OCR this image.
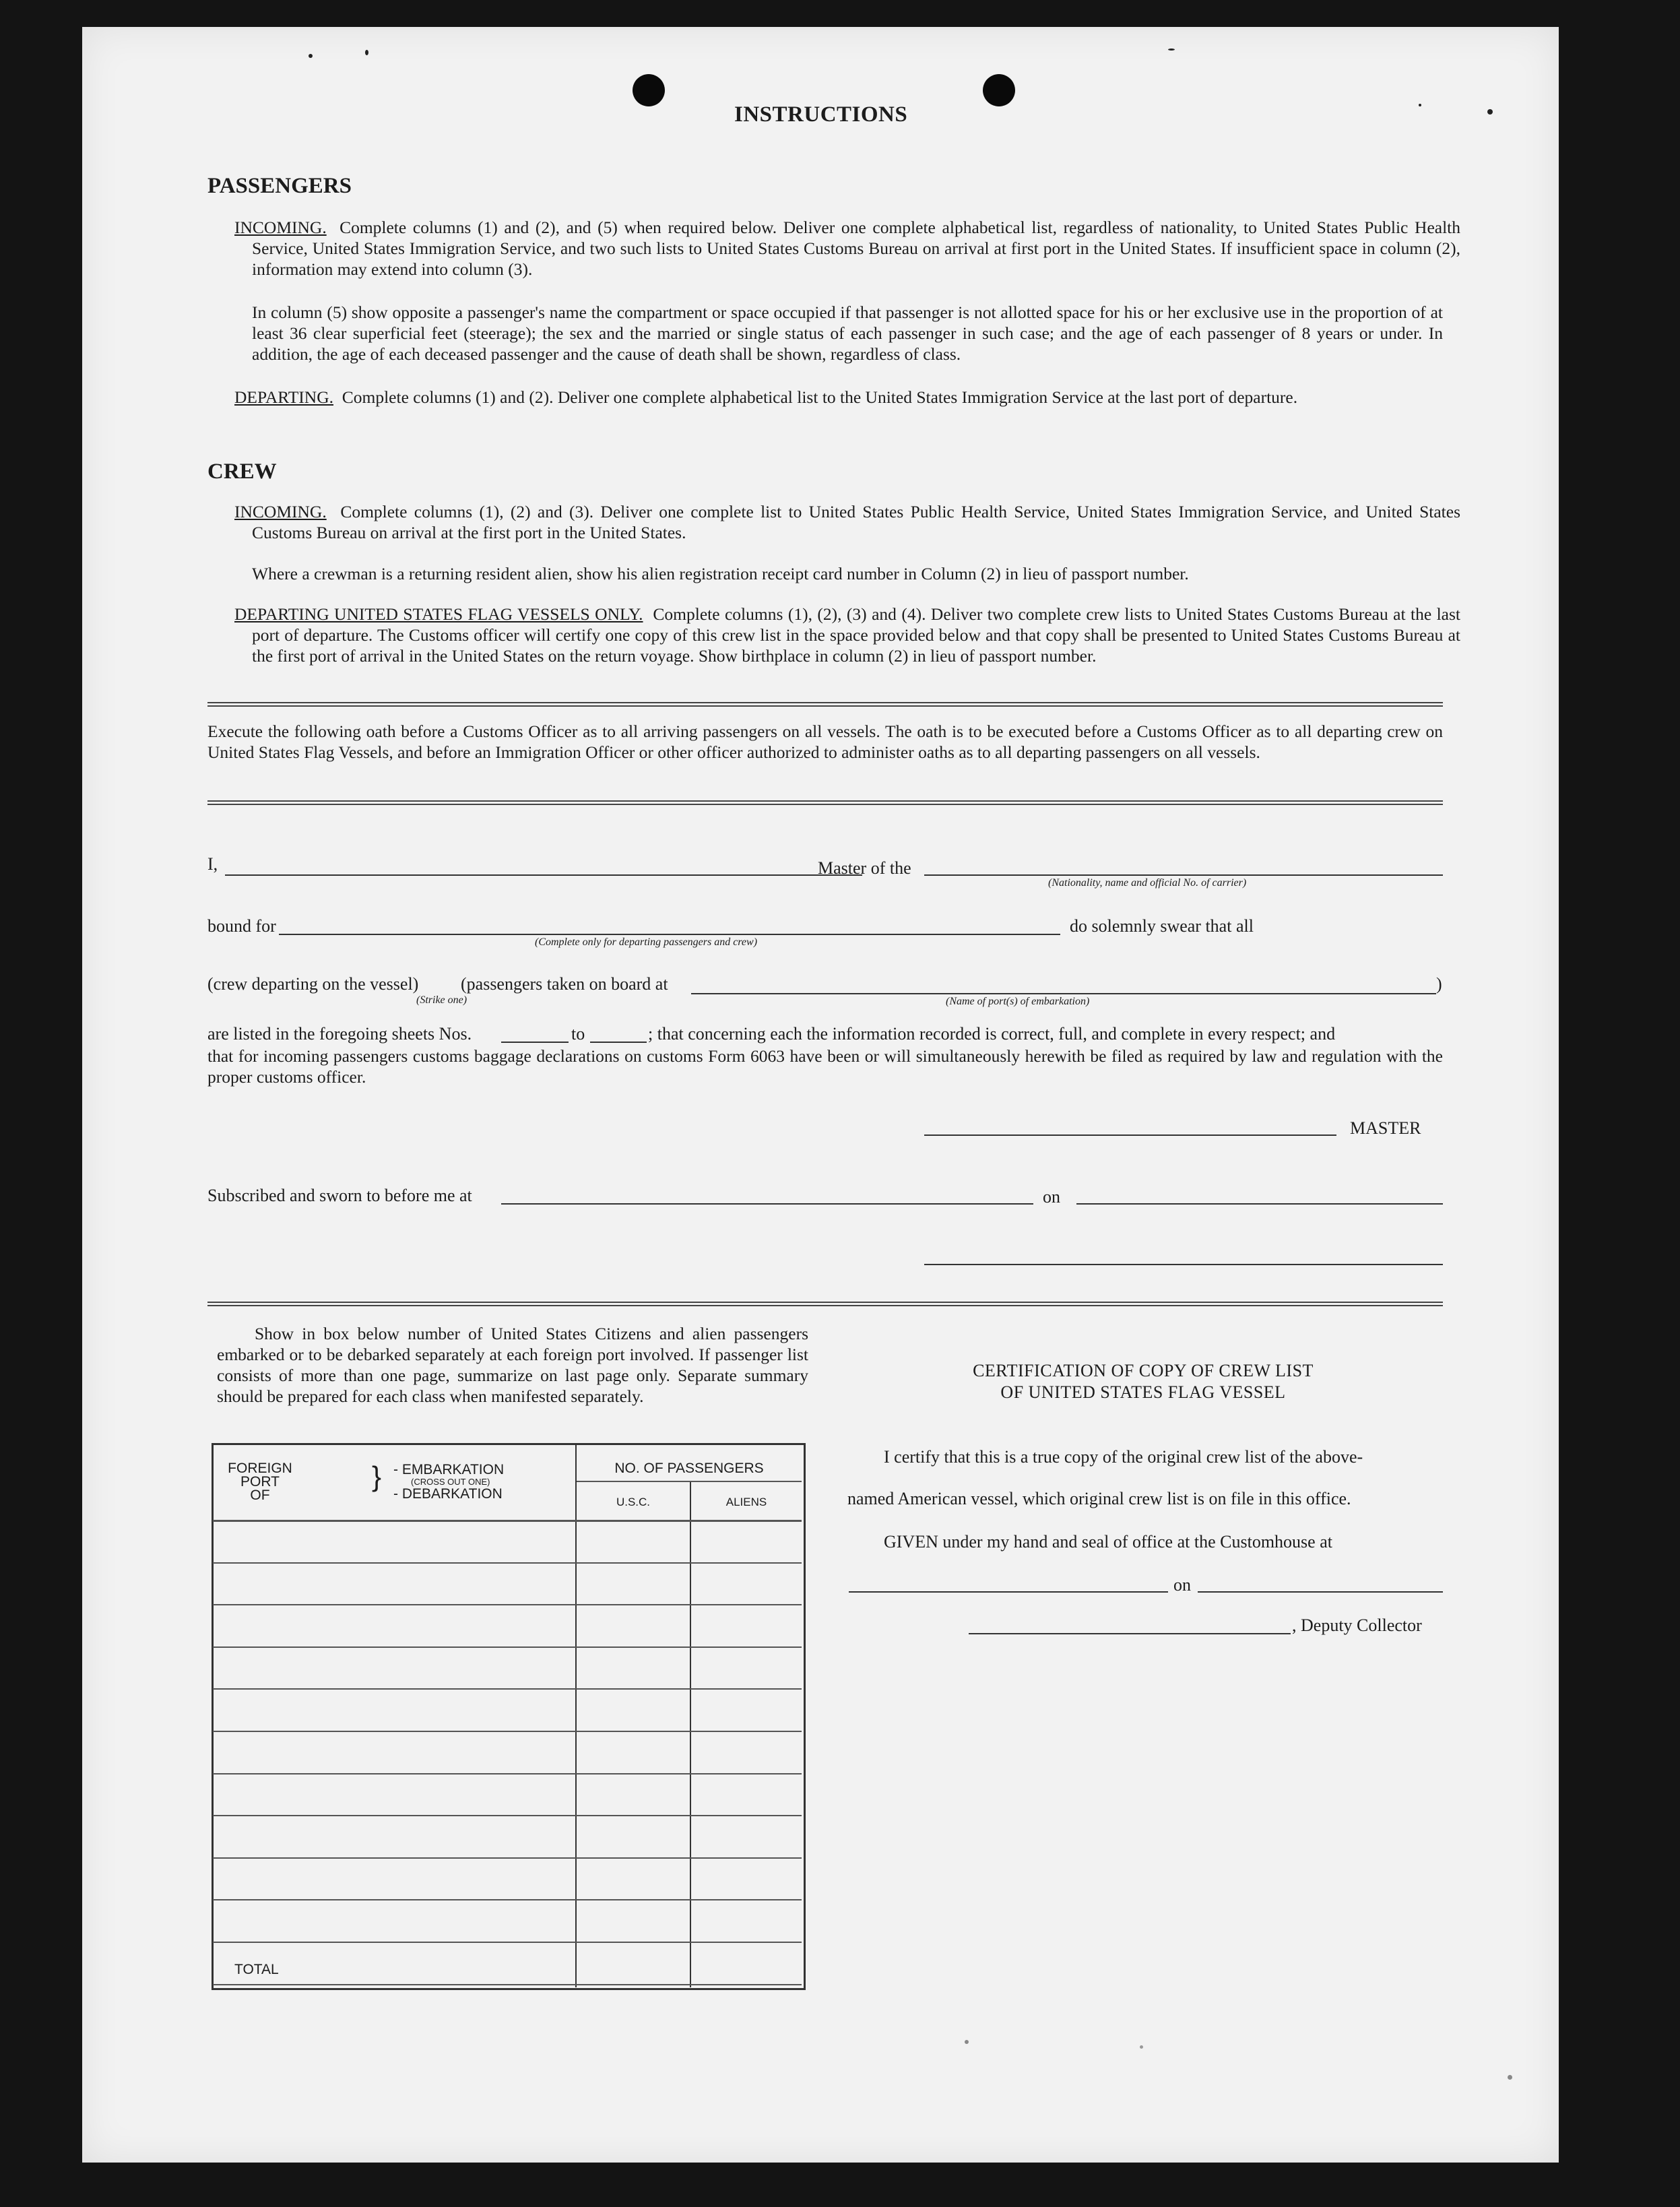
INSTRUCTIONS
PASSENGERS
INCOMING. Complete columns (1) and (2), and (5) when required below. Deliver one complete alphabetical list, regardless of nationality, to United States Public Health Service, United States Immigration Service, and two such lists to United States Customs Bureau on arrival at first port in the United States. If insufficient space in column (2), information may extend into column (3).
In column (5) show opposite a passenger's name the compartment or space occupied if that passenger is not allotted space for his or her exclusive use in the proportion of at least 36 clear superficial feet (steerage); the sex and the married or single status of each passenger in such case; and the age of each passenger of 8 years or under. In addition, the age of each deceased passenger and the cause of death shall be shown, regardless of class.
DEPARTING. Complete columns (1) and (2). Deliver one complete alphabetical list to the United States Immigration Service at the last port of departure.
CREW
INCOMING. Complete columns (1), (2) and (3). Deliver one complete list to United States Public Health Service, United States Immigration Service, and United States Customs Bureau on arrival at the first port in the United States.
Where a crewman is a returning resident alien, show his alien registration receipt card number in Column (2) in lieu of passport number.
DEPARTING UNITED STATES FLAG VESSELS ONLY. Complete columns (1), (2), (3) and (4). Deliver two complete crew lists to United States Customs Bureau at the last port of departure. The Customs officer will certify one copy of this crew list in the space provided below and that copy shall be presented to United States Customs Bureau at the first port of arrival in the United States on the return voyage. Show birthplace in column (2) in lieu of passport number.
Execute the following oath before a Customs Officer as to all arriving passengers on all vessels. The oath is to be executed before a Customs Officer as to all departing crew on United States Flag Vessels, and before an Immigration Officer or other officer authorized to administer oaths as to all departing passengers on all vessels.
I,	Master of the
(Nationality, name and official No. of carrier)
bound for
(Complete only for departing passengers and crew)
do solemnly swear that all
(crew departing on the vessel) (passengers taken on board at	)
(Strike one)	(Name of port(s) of embarkation)
are listed in the foregoing sheets Nos.	to	; that concerning each the information recorded is correct, full, and complete in every respect; and
that for incoming passengers customs baggage declarations on customs Form 6063 have been or will simultaneously herewith be filed as required by law and regulation with the proper customs officer.
MASTER
Subscribed and sworn to before me at	on
Show in box below number of United States Citizens and alien passengers embarked or to be debarked separately at each foreign port involved. If passenger list consists of more than one page, summarize on last page only. Separate summary should be prepared for each class when manifested separately.
FOREIGN
PORT
OF
} - EMBARKATION
(CROSS OUT ONE)
- DEBARKATION
NO. OF PASSENGERS
U.S.C.	ALIENS
TOTAL
CERTIFICATION OF COPY OF CREW LIST
OF UNITED STATES FLAG VESSEL
I certify that this is a true copy of the original crew list of the above-
named American vessel, which original crew list is on file in this office.
GIVEN under my hand and seal of office at the Customhouse at
on
, Deputy Collector
